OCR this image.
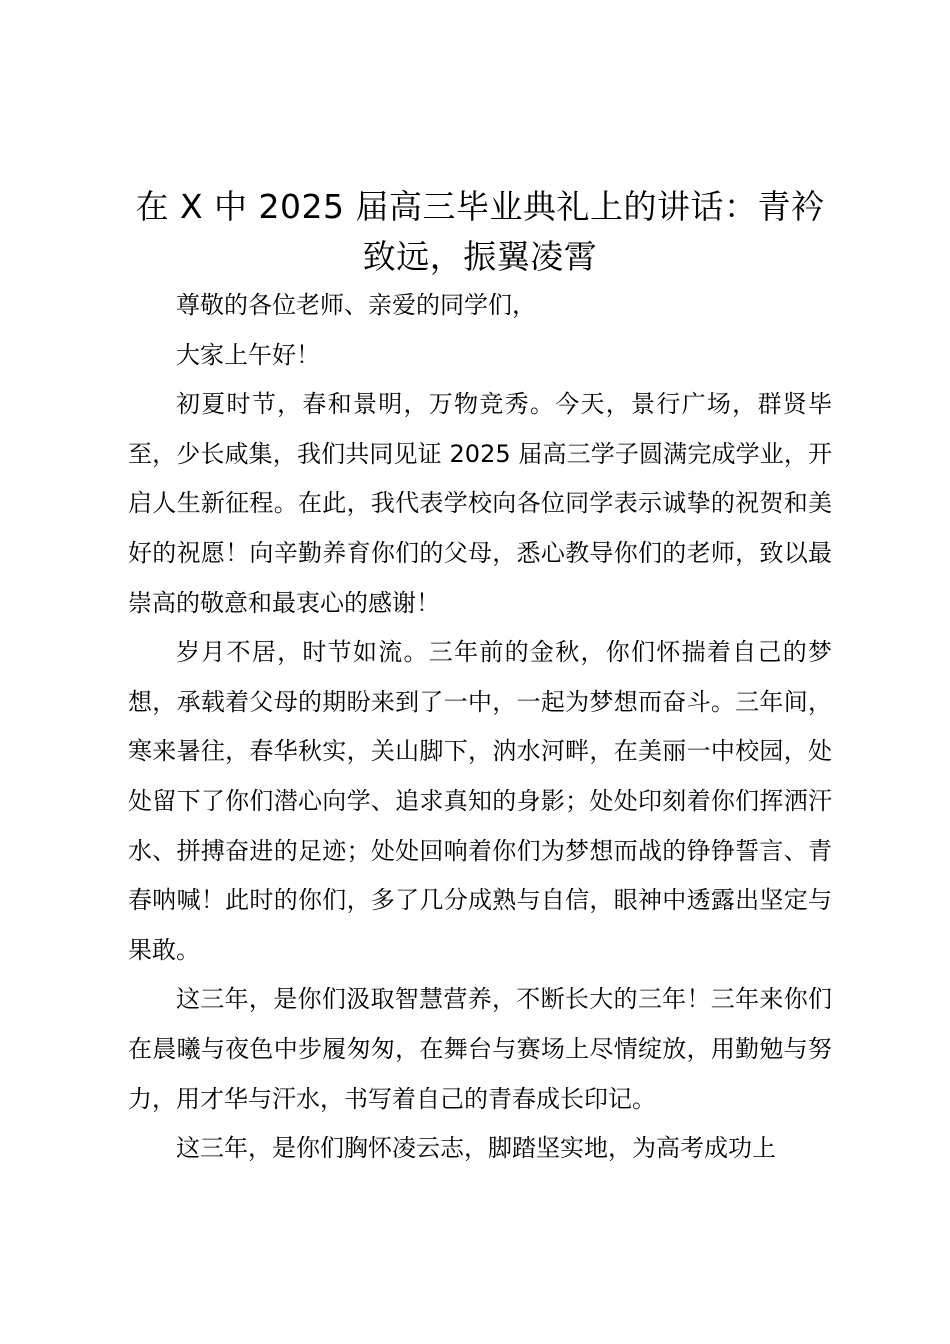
在 X 中 2025 届高三毕业典礼上的讲话：青衿致远，振翼凌霄

尊敬的各位老师、亲爱的同学们，

大家上午好！

初夏时节，春和景明，万物竞秀。今天，景行广场，群贤毕至，少长咸集，我们共同见证 2025 届高三学子圆满完成学业，开启人生新征程。在此，我代表学校向各位同学表示诚挚的祝贺和美好的祝愿！向辛勤养育你们的父母，悉心教导你们的老师，致以最崇高的敬意和最衷心的感谢！

岁月不居，时节如流。三年前的金秋，你们怀揣着自己的梦想，承载着父母的期盼来到了一中，一起为梦想而奋斗。三年间，寒来暑往，春华秋实，关山脚下，汭水河畔，在美丽一中校园，处处留下了你们潜心向学、追求真知的身影；处处印刻着你们挥洒汗水、拼搏奋进的足迹；处处回响着你们为梦想而战的铮铮誓言、青春呐喊！此时的你们，多了几分成熟与自信，眼神中透露出坚定与果敢。

这三年，是你们汲取智慧营养，不断长大的三年！三年来你们在晨曦与夜色中步履匆匆，在舞台与赛场上尽情绽放，用勤勉与努力，用才华与汗水，书写着自己的青春成长印记。

这三年，是你们胸怀凌云志，脚踏坚实地，为高考成功上
